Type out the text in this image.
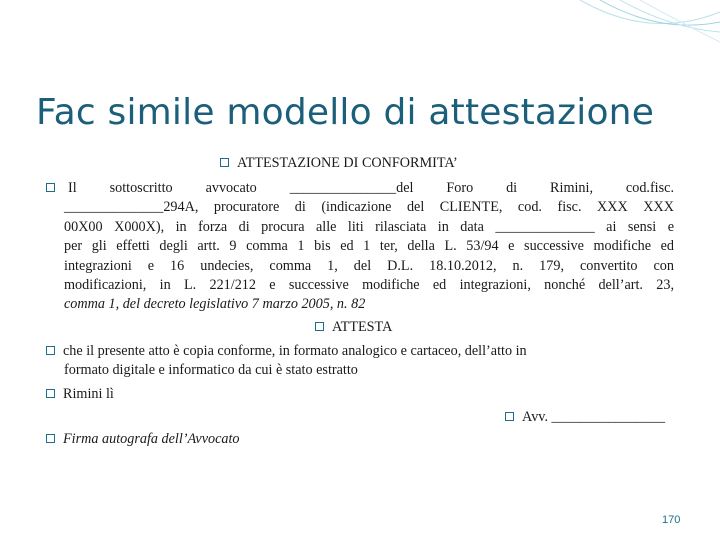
Fac simile modello di attestazione
ATTESTAZIONE DI CONFORMITA’
Il sottoscritto avvocato _______________del Foro di Rimini, cod.fisc.
______________294A, procuratore di (indicazione del CLIENTE, cod. fisc. XXX XXX
00X00 X000X), in forza di procura alle liti rilasciata in data ______________ ai sensi e
per gli effetti degli artt. 9 comma 1 bis ed 1 ter, della L. 53/94 e successive modifiche ed
integrazioni e 16 undecies, comma 1, del D.L. 18.10.2012, n. 179, convertito con
modificazioni, in L. 221/212 e successive modifiche ed integrazioni, nonché dell’art. 23,
comma 1, del decreto legislativo 7 marzo 2005, n. 82
ATTESTA
che il presente atto è copia conforme, in formato analogico e cartaceo, dell’atto in
formato digitale e informatico da cui è stato estratto
Rimini lì
Avv. ________________
Firma autografa dell’Avvocato
170
